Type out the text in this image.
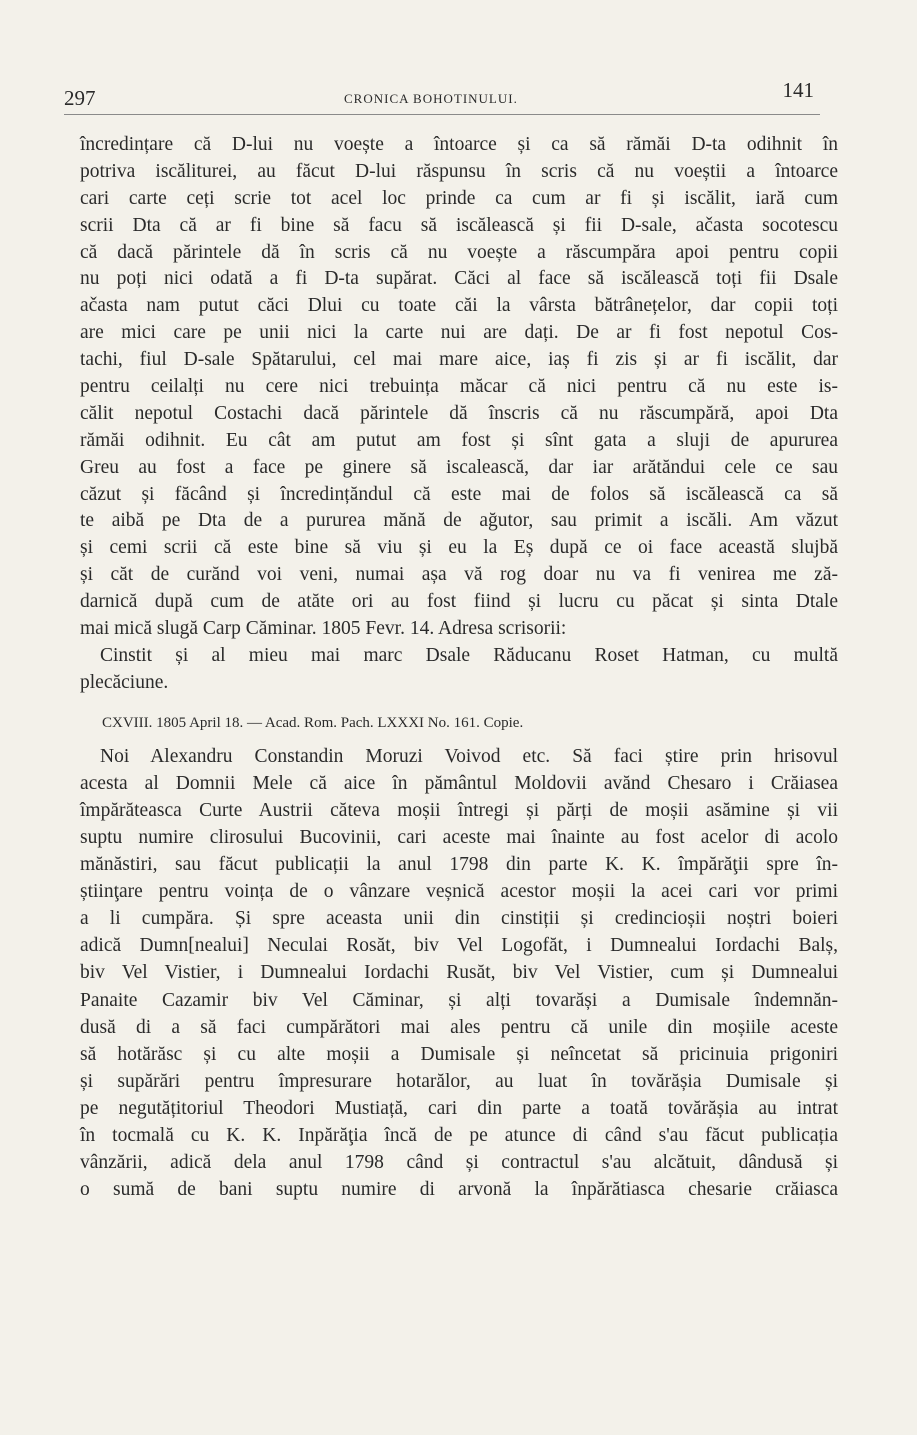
297	CRONICA BOHOTINULUI.	141
încredințare că D-lui nu voește a întoarce și ca să rămăi D-ta odihnit în
potriva iscăliturei, au făcut D-lui răspunsu în scris că nu voeștii a întoarce
cari carte ceți scrie tot acel loc prinde ca cum ar fi și iscălit, iară cum
scrii Dta că ar fi bine să facu să iscălească și fii D-sale, ačasta socotescu
că dacă părintele dă în scris că nu voește a răscumpăra apoi pentru copii
nu poți nici odată a fi D-ta supărat. Căci al face să iscălească toți fii Dsale
ačasta nam putut căci Dlui cu toate căi la vârsta bătrânețelor, dar copii toți
are mici care pe unii nici la carte nui are dați. De ar fi fost nepotul Cos-
tachi, fiul D-sale Spătarului, cel mai mare aice, iaș fi zis și ar fi iscălit, dar
pentru ceilalți nu cere nici trebuința măcar că nici pentru că nu este is-
călit nepotul Costachi dacă părintele dă înscris că nu răscumpără, apoi Dta
rămăi odihnit. Eu cât am putut am fost și sînt gata a sluji de apururea
Greu au fost a face pe ginere să iscalească, dar iar arătăndui cele ce sau
căzut și făcând și încredințăndul că este mai de folos să iscălească ca să
te aibă pe Dta de a pururea mănă de ağutor, sau primit a iscăli. Am văzut
și cemi scrii că este bine să viu și eu la Eș după ce oi face această slujbă
și căt de curănd voi veni, numai așa vă rog doar nu va fi venirea me ză-
darnică după cum de atăte ori au fost fiind și lucru cu păcat și sinta Dtale
mai mică slugă Carp Căminar. 1805 Fevr. 14. Adresa scrisorii:
Cinstit și al mieu mai marc Dsale Răducanu Roset Hatman, cu multă
plecăciune.
CXVIII. 1805 April 18. — Acad. Rom. Pach. LXXXI No. 161. Copie.
Noi Alexandru Constandin Moruzi Voivod etc. Să faci știre prin hrisovul
acesta al Domnii Mele că aice în pământul Moldovii avănd Chesaro i Crăiasea
împărăteasca Curte Austrii căteva moșii întregi și părți de moșii asămine și vii
suptu numire clirosului Bucovinii, cari aceste mai înainte au fost acelor di acolo
mănăstiri, sau făcut publicații la anul 1798 din parte K. K. împărăţii spre în-
știinţare pentru voința de o vânzare veșnică acestor moșii la acei cari vor primi
a li cumpăra. Și spre aceasta unii din cinstiții și credincioșii noștri boieri
adică Dumn[nealui] Neculai Rosăt, biv Vel Logofăt, i Dumnealui Iordachi Balș,
biv Vel Vistier, i Dumnealui Iordachi Rusăt, biv Vel Vistier, cum și Dumnealui
Panaite Cazamir biv Vel Căminar, și alți tovarăși a Dumisale îndemnăn-
dusă di a să faci cumpărători mai ales pentru că unile din moșiile aceste
să hotărăsc și cu alte moșii a Dumisale și neîncetat să pricinuia prigoniri
și supărări pentru împresurare hotarălor, au luat în tovărășia Dumisale și
pe negutățitoriul Theodori Mustiață, cari din parte a toată tovărășia au intrat
în tocmală cu K. K. Inpărăţia încă de pe atunce di când s'au făcut publicația
vânzării, adică dela anul 1798 când și contractul s'au alcătuit, dândusă și
o sumă de bani suptu numire di arvonă la înpărătiasca chesarie crăiasca
